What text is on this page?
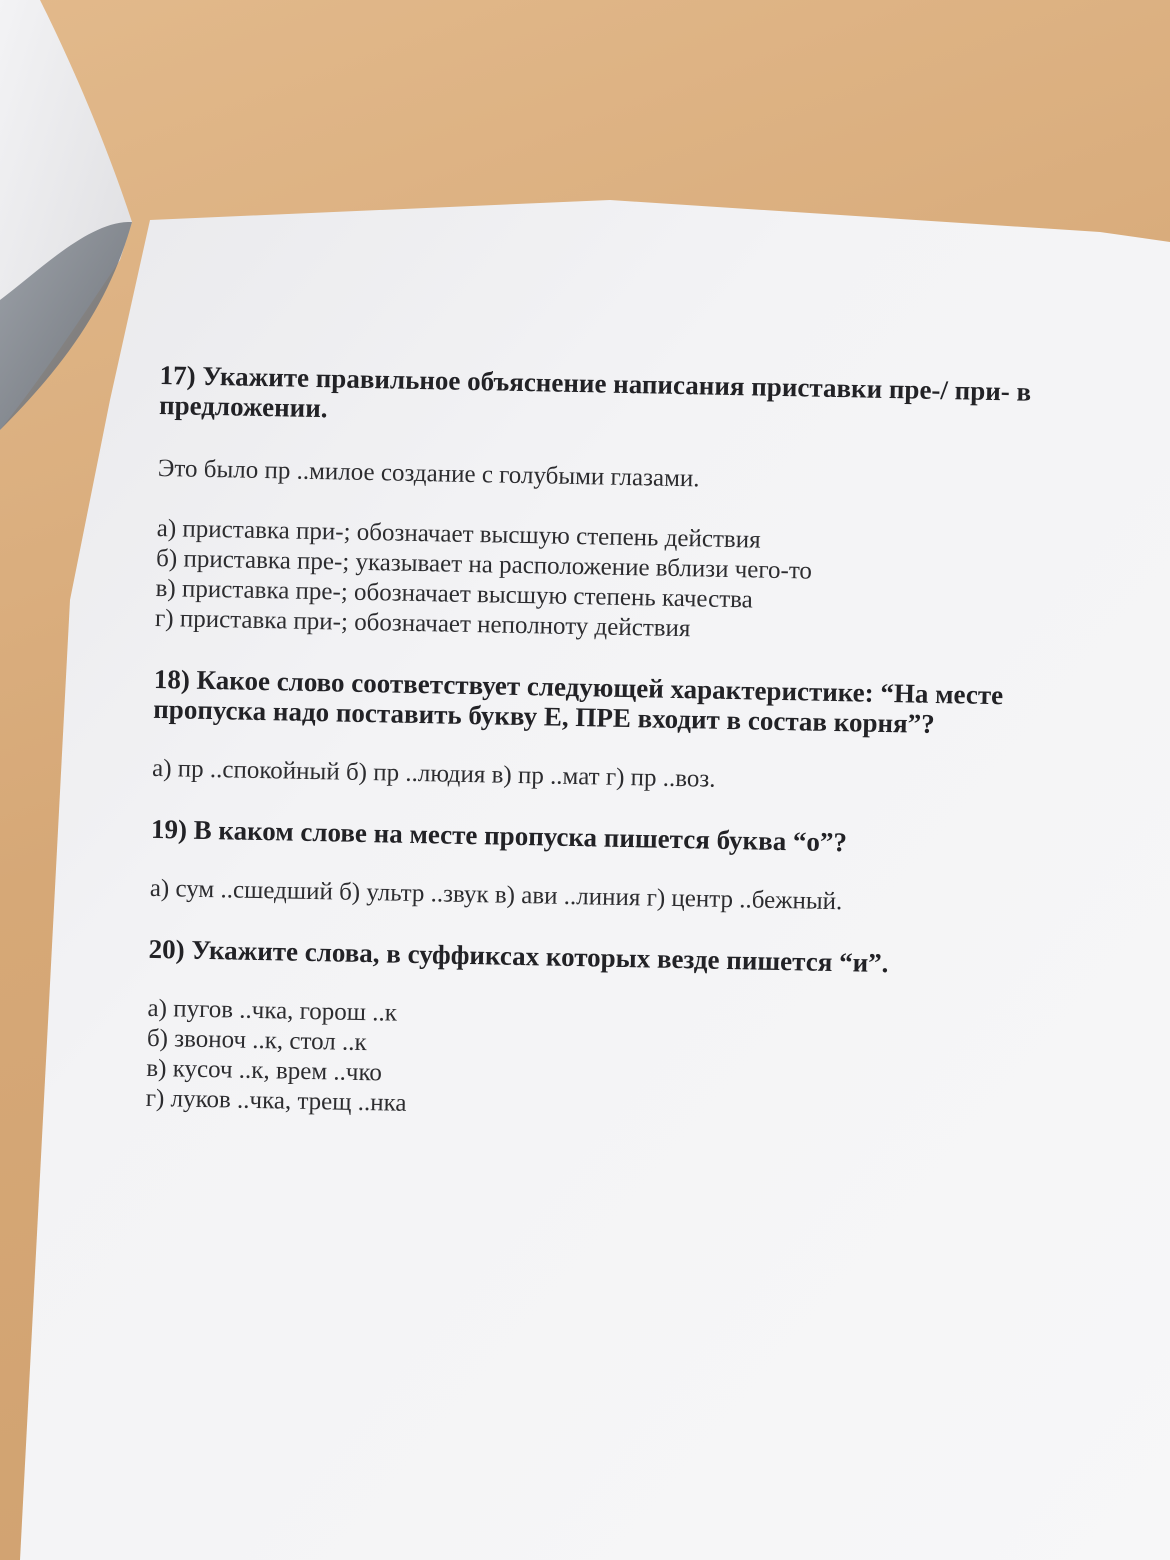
17) Укажите правильное объяснение написания приставки пре-/ при- в предложении.

Это было пр ..милое создание с голубыми глазами.

а) приставка при-; обозначает высшую степень действия
б) приставка пре-; указывает на расположение вблизи чего-то
в) приставка пре-; обозначает высшую степень качества
г) приставка при-; обозначает неполноту действия

18) Какое слово соответствует следующей характеристике: “На месте пропуска надо поставить букву Е, ПРЕ входит в состав корня”?

а) пр ..спокойный б) пр ..людия в) пр ..мат г) пр ..воз.

19) В каком слове на месте пропуска пишется буква “о”?

а) сум ..сшедший б) ультр ..звук в) ави ..линия г) центр ..бежный.

20) Укажите слова, в суффиксах которых везде пишется “и”.

а) пугов ..чка, горош ..к
б) звоноч ..к, стол ..к
в) кусоч ..к, врем ..чко
г) луков ..чка, трещ ..нка
